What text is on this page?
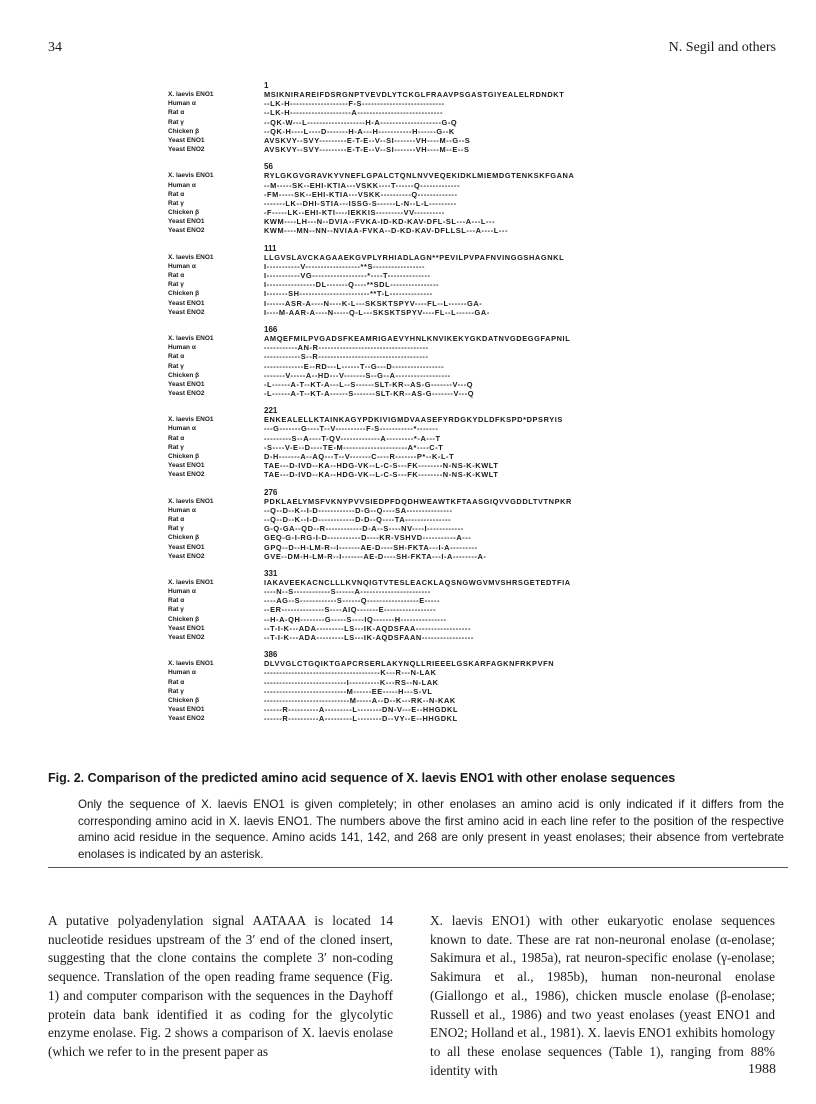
34	N. Segil and others
1
X. laevis ENO1	MSIKNIRAREIFDSRGNPTVEVDLYTCKGLFRAAVPSGASTGIYEALELRDNDKT
Human α	--LK-H-------------------F-S---------------------------
Rat α	--LK-H--------------------A----------------------------
Rat γ	--QK-W---L-------------------H-A--------------------G-Q
Chicken β	--QK-H----L----D-------H-A---H-----------H------G--K
Yeast ENO1	AVSKVY--SVY---------E-T-E--V--SI-------VH----M--G--S
Yeast ENO2	AVSKVY--SVY---------E-T-E--V--SI-------VH----M--E--S
56
X. laevis ENO1	RYLGKGVGRAVKYVNEFLGPALCTQNLNVVEQEKIDKLMIEMDGTENKSKFGANA
Human α	--M-----SK--EHI-KTIA---VSKK----T------Q-------------
Rat α	-FM-----SK--EHI-KTIA---VSKK----------Q-------------
Rat γ	-------LK--DHI-STIA---ISSG-S------L-N--L-L---------
Chicken β	-F-----LK--EHI-KTI----IEKKIS---------VV----------
Yeast ENO1	KWM----LH---N--DVIA--FVKA-ID-KD-KAV-DFL-SL---A---L---
Yeast ENO2	KWM----MN--NN--NVIAA-FVKA--D-KD-KAV-DFLLSL---A----L---
111
X. laevis ENO1	LLGVSLAVCKAGAAEKGVPLYRHIADLAGN**PEVILPVPAFNVINGGSHAGNKL
Human α	I-----------V------------------**S-----------------
Rat α	I-----------VG------------------*----T--------------
Rat γ	I----------------DL-------Q----**SDL----------------
Chicken β	I-------SH-----------------------**T-L--------------
Yeast ENO1	I------ASR-A----N----K-L---SKSKTSPYV----FL--L------GA-
Yeast ENO2	I----M-AAR-A----N-----Q-L---SKSKTSPYV----FL--L------GA-
166
X. laevis ENO1	AMQEFMILPVGADSFKEAMRIGAEVYHNLKNVIKEKYGKDATNVGDEGGFAPNIL
Human α	-----------AN-R------------------------------------
Rat α	------------S--R------------------------------------
Rat γ	-------------E--RD---L------T--G---D-----------------
Chicken β	-------V-----A--HD---V-------S--G--A------------------
Yeast ENO1	-L------A-T--KT-A---L--S------SLT-KR--AS-G-------V---Q
Yeast ENO2	-L------A-T--KT-A------S-------SLT-KR--AS-G-------V---Q
221
X. laevis ENO1	ENKEALELLKTAINKAGYPDKIVIGMDVAASEFYRDGKYDLDFKSPD*DPSRYIS
Human α	---G-------G----T--V----------F-S-----------*-------
Rat α	---------S--A----T-QV-------------A---------*-A---T
Rat γ	-S----V-E--D----TE-M---------------------A*----C-T
Chicken β	D-H-------A--AQ---T--V-------C----R-------P*--K-L-T
Yeast ENO1	TAE---D-IVD--KA--HDG-VK--L-C-S---FK--------N-NS-K-KWLT
Yeast ENO2	TAE---D-IVD--KA--HDG-VK--L-C-S---FK--------N-NS-K-KWLT
276
X. laevis ENO1	PDKLAELYMSFVKNYPVVSIEDPFDQDHWEAWTKFTAASGIQVVGDDLTVTNPKR
Human α	--Q--D--K--I-D------------D-G--Q----SA---------------
Rat α	--Q--D--K--I-D------------D-D--Q----TA---------------
Rat γ	G-Q-GA--QD--R------------D-A--S----NV----I------------
Chicken β	GEQ-G-I-RG-I-D-----------D----KR-VSHVD-----------A---
Yeast ENO1	GPQ--D--H-LM-R--I-------AE-D----SH-FKTA---I-A---------
Yeast ENO2	GVE--DM-H-LM-R--I-------AE-D----SH-FKTA---I-A--------A-
331
X. laevis ENO1	IAKAVEEKACNCLLLKVNQIGTVTESLEACKLAQSNGWGVMVSHRSGETEDTFIA
Human α	----N--S------------S------A-----------------------
Rat α	----AG--S------------S------Q-----------------E-----
Rat γ	--ER--------------S----AIQ-------E-----------------
Chicken β	--H-A-QH--------G-----S----IQ-------H---------------
Yeast ENO1	--T-I-K---ADA---------LS---IK-AQDSFAA------------------
Yeast ENO2	--T-I-K---ADA---------LS---IK-AQDSFAAN-----------------
386
X. laevis ENO1	DLVVGLCTGQIKTGAPCRSERLAKYNQLLRIEEELGSKARFAGKNFRKPVFN
Human α	--------------------------------------K---R---N-LAK
Rat α	---------------------------I----------K---RS--N-LAK
Rat γ	---------------------------M------EE-----H---S-VL
Chicken β	----------------------------M-----A--D--K---RK--N-KAK
Yeast ENO1	------R----------A---------L--------DN-V---E--HHGDKL
Yeast ENO2	------R----------A---------L--------D--VY--E--HHGDKL
Fig. 2. Comparison of the predicted amino acid sequence of X. laevis ENO1 with other enolase sequences
Only the sequence of X. laevis ENO1 is given completely; in other enolases an amino acid is only indicated if it differs from the corresponding amino acid in X. laevis ENO1. The numbers above the first amino acid in each line refer to the position of the respective amino acid residue in the sequence. Amino acids 141, 142, and 268 are only present in yeast enolases; their absence from vertebrate enolases is indicated by an asterisk.
A putative polyadenylation signal AATAAA is located 14 nucleotide residues upstream of the 3′ end of the cloned insert, suggesting that the clone contains the complete 3′ non-coding sequence. Translation of the open reading frame sequence (Fig. 1) and computer comparison with the sequences in the Dayhoff protein data bank identified it as coding for the glycolytic enzyme enolase. Fig. 2 shows a comparison of X. laevis enolase (which we refer to in the present paper as
X. laevis ENO1) with other eukaryotic enolase sequences known to date. These are rat non-neuronal enolase (α-enolase; Sakimura et al., 1985a), rat neuron-specific enolase (γ-enolase; Sakimura et al., 1985b), human non-neuronal enolase (Giallongo et al., 1986), chicken muscle enolase (β-enolase; Russell et al., 1986) and two yeast enolases (yeast ENO1 and ENO2; Holland et al., 1981). X. laevis ENO1 exhibits homology to all these enolase sequences (Table 1), ranging from 88% identity with	1988
